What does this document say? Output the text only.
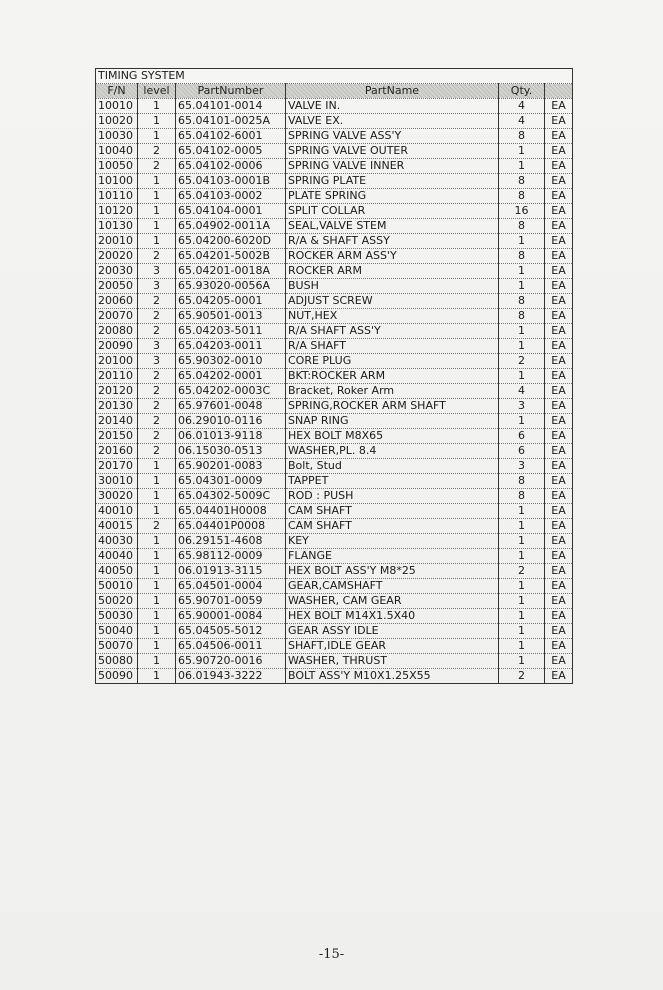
TIMING SYSTEM					
F/N	level	PartNumber	PartName	Qty.	
10010	1	65.04101-0014	VALVE IN.	4	EA
10020	1	65.04101-0025A	VALVE EX.	4	EA
10030	1	65.04102-6001	SPRING VALVE ASS'Y	8	EA
10040	2	65.04102-0005	SPRING VALVE OUTER	1	EA
10050	2	65.04102-0006	SPRING VALVE INNER	1	EA
10100	1	65.04103-0001B	SPRING PLATE	8	EA
10110	1	65.04103-0002	PLATE SPRING	8	EA
10120	1	65.04104-0001	SPLIT COLLAR	16	EA
10130	1	65.04902-0011A	SEAL,VALVE STEM	8	EA
20010	1	65.04200-6020D	R/A & SHAFT ASSY	1	EA
20020	2	65.04201-5002B	ROCKER ARM ASS'Y	8	EA
20030	3	65.04201-0018A	ROCKER ARM	1	EA
20050	3	65.93020-0056A	BUSH	1	EA
20060	2	65.04205-0001	ADJUST SCREW	8	EA
20070	2	65.90501-0013	NUT,HEX	8	EA
20080	2	65.04203-5011	R/A SHAFT ASS'Y	1	EA
20090	3	65.04203-0011	R/A SHAFT	1	EA
20100	3	65.90302-0010	CORE PLUG	2	EA
20110	2	65.04202-0001	BKT:ROCKER ARM	1	EA
20120	2	65.04202-0003C	Bracket, Roker Arm	4	EA
20130	2	65.97601-0048	SPRING,ROCKER ARM SHAFT	3	EA
20140	2	06.29010-0116	SNAP RING	1	EA
20150	2	06.01013-9118	HEX BOLT M8X65	6	EA
20160	2	06.15030-0513	WASHER,PL. 8.4	6	EA
20170	1	65.90201-0083	Bolt, Stud	3	EA
30010	1	65.04301-0009	TAPPET	8	EA
30020	1	65.04302-5009C	ROD : PUSH	8	EA
40010	1	65.04401H0008	CAM SHAFT	1	EA
40015	2	65.04401P0008	CAM SHAFT	1	EA
40030	1	06.29151-4608	KEY	1	EA
40040	1	65.98112-0009	FLANGE	1	EA
40050	1	06.01913-3115	HEX BOLT ASS'Y M8*25	2	EA
50010	1	65.04501-0004	GEAR,CAMSHAFT	1	EA
50020	1	65.90701-0059	WASHER, CAM GEAR	1	EA
50030	1	65.90001-0084	HEX BOLT M14X1.5X40	1	EA
50040	1	65.04505-5012	GEAR ASSY IDLE	1	EA
50070	1	65.04506-0011	SHAFT,IDLE GEAR	1	EA
50080	1	65.90720-0016	WASHER, THRUST	1	EA
50090	1	06.01943-3222	BOLT ASS'Y M10X1.25X55	2	EA
-15-
